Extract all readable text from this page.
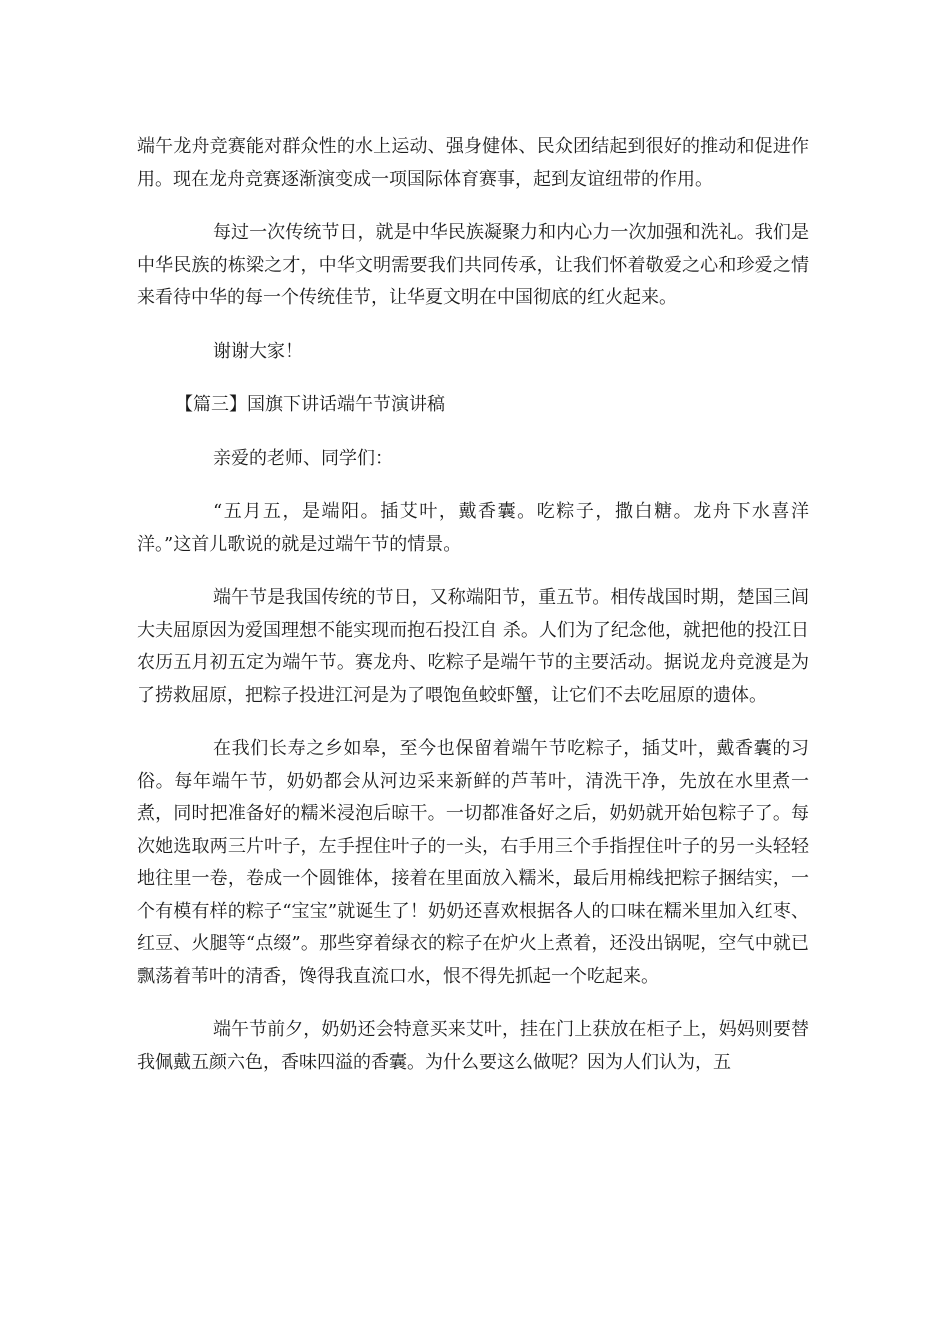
端午龙舟竞赛能对群众性的水上运动、强身健体、民众团结起到很好的推动和促进作用。现在龙舟竞赛逐渐演变成一项国际体育赛事，起到友谊纽带的作用。

每过一次传统节日，就是中华民族凝聚力和内心力一次加强和洗礼。我们是中华民族的栋梁之才，中华文明需要我们共同传承，让我们怀着敬爱之心和珍爱之情来看待中华的每一个传统佳节，让华夏文明在中国彻底的红火起来。

谢谢大家！

【篇三】国旗下讲话端午节演讲稿

亲爱的老师、同学们：

“五月五，是端阳。插艾叶，戴香囊。吃粽子，撒白糖。龙舟下水喜洋洋。”这首儿歌说的就是过端午节的情景。

端午节是我国传统的节日，又称端阳节，重五节。相传战国时期，楚国三闾大夫屈原因为爱国理想不能实现而抱石投江自 杀。人们为了纪念他，就把他的投江日农历五月初五定为端午节。赛龙舟、吃粽子是端午节的主要活动。据说龙舟竞渡是为了捞救屈原，把粽子投进江河是为了喂饱鱼蛟虾蟹，让它们不去吃屈原的遗体。

在我们长寿之乡如皋，至今也保留着端午节吃粽子，插艾叶，戴香囊的习俗。每年端午节，奶奶都会从河边采来新鲜的芦苇叶，清洗干净，先放在水里煮一煮，同时把准备好的糯米浸泡后晾干。一切都准备好之后，奶奶就开始包粽子了。每次她选取两三片叶子，左手捏住叶子的一头，右手用三个手指捏住叶子的另一头轻轻地往里一卷，卷成一个圆锥体，接着在里面放入糯米，最后用棉线把粽子捆结实，一个有模有样的粽子“宝宝”就诞生了！奶奶还喜欢根据各人的口味在糯米里加入红枣、红豆、火腿等“点缀”。那些穿着绿衣的粽子在炉火上煮着，还没出锅呢，空气中就已飘荡着苇叶的清香，馋得我直流口水，恨不得先抓起一个吃起来。

端午节前夕，奶奶还会特意买来艾叶，挂在门上获放在柜子上，妈妈则要替我佩戴五颜六色，香味四溢的香囊。为什么要这么做呢？因为人们认为，五
